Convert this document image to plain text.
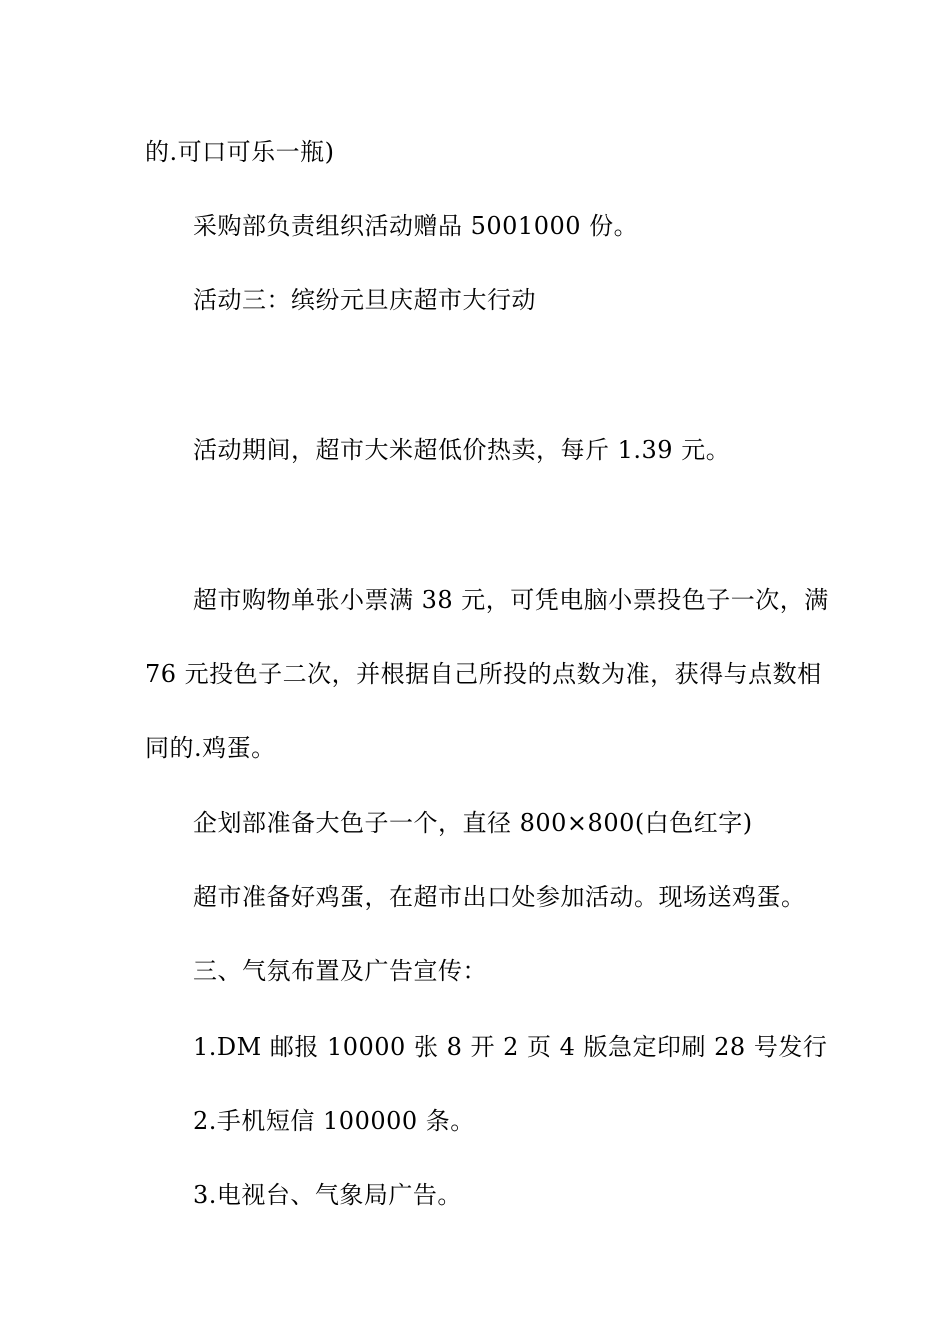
的.可口可乐一瓶)
采购部负责组织活动赠品 5001000 份。
活动三：缤纷元旦庆超市大行动
活动期间，超市大米超低价热卖，每斤 1.39 元。
超市购物单张小票满 38 元，可凭电脑小票投色子一次，满
76 元投色子二次，并根据自己所投的点数为准，获得与点数相
同的.鸡蛋。
企划部准备大色子一个，直径 800×800(白色红字)
超市准备好鸡蛋，在超市出口处参加活动。现场送鸡蛋。
三、气氛布置及广告宣传：
1.DM 邮报 10000 张 8 开 2 页 4 版急定印刷 28 号发行
2.手机短信 100000 条。
3.电视台、气象局广告。
